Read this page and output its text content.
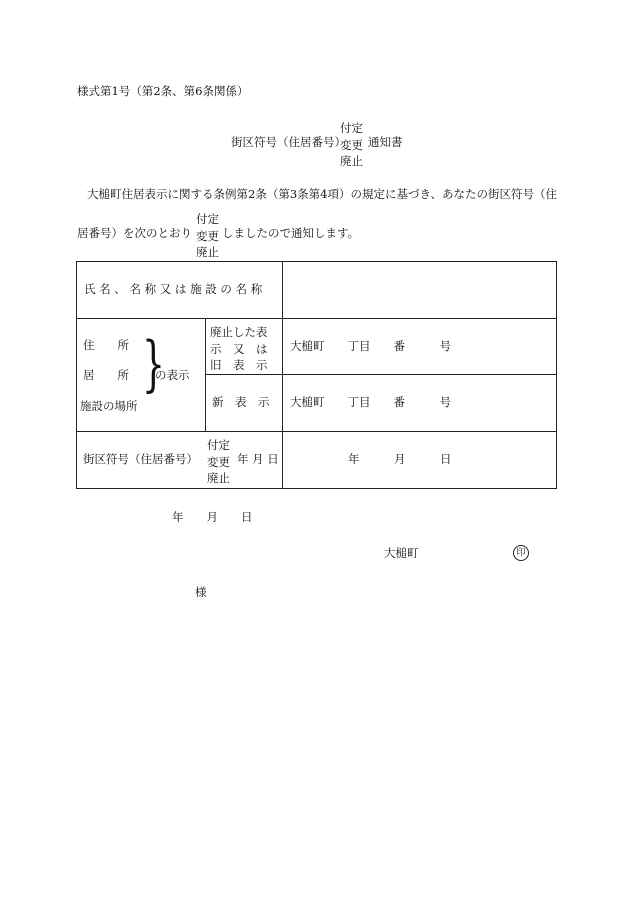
様式第1号（第2条、第6条関係）
街区符号（住居番号）
付定
変更
廃止
通知書
大槌町住居表示に関する条例第2条（第3条第4項）の規定に基づき、あなたの街区符号（住
居番号）を次のとおり
付定
変更
廃止
しましたので通知します。
氏 名 、 名 称 又 は 施 設 の 名 称
住　　所
居　　所
施設の場所
}
の表示
廃止した表
示　又　は
旧　表　示
大槌町　　丁目　　番　　　号
新　表　示 大槌町　　丁目　　番　　　号
街区符号（住居番号）
付定
変更
廃止
年 月 日	年　　　月　　　日
年　　月　　日
大槌町	印
様
